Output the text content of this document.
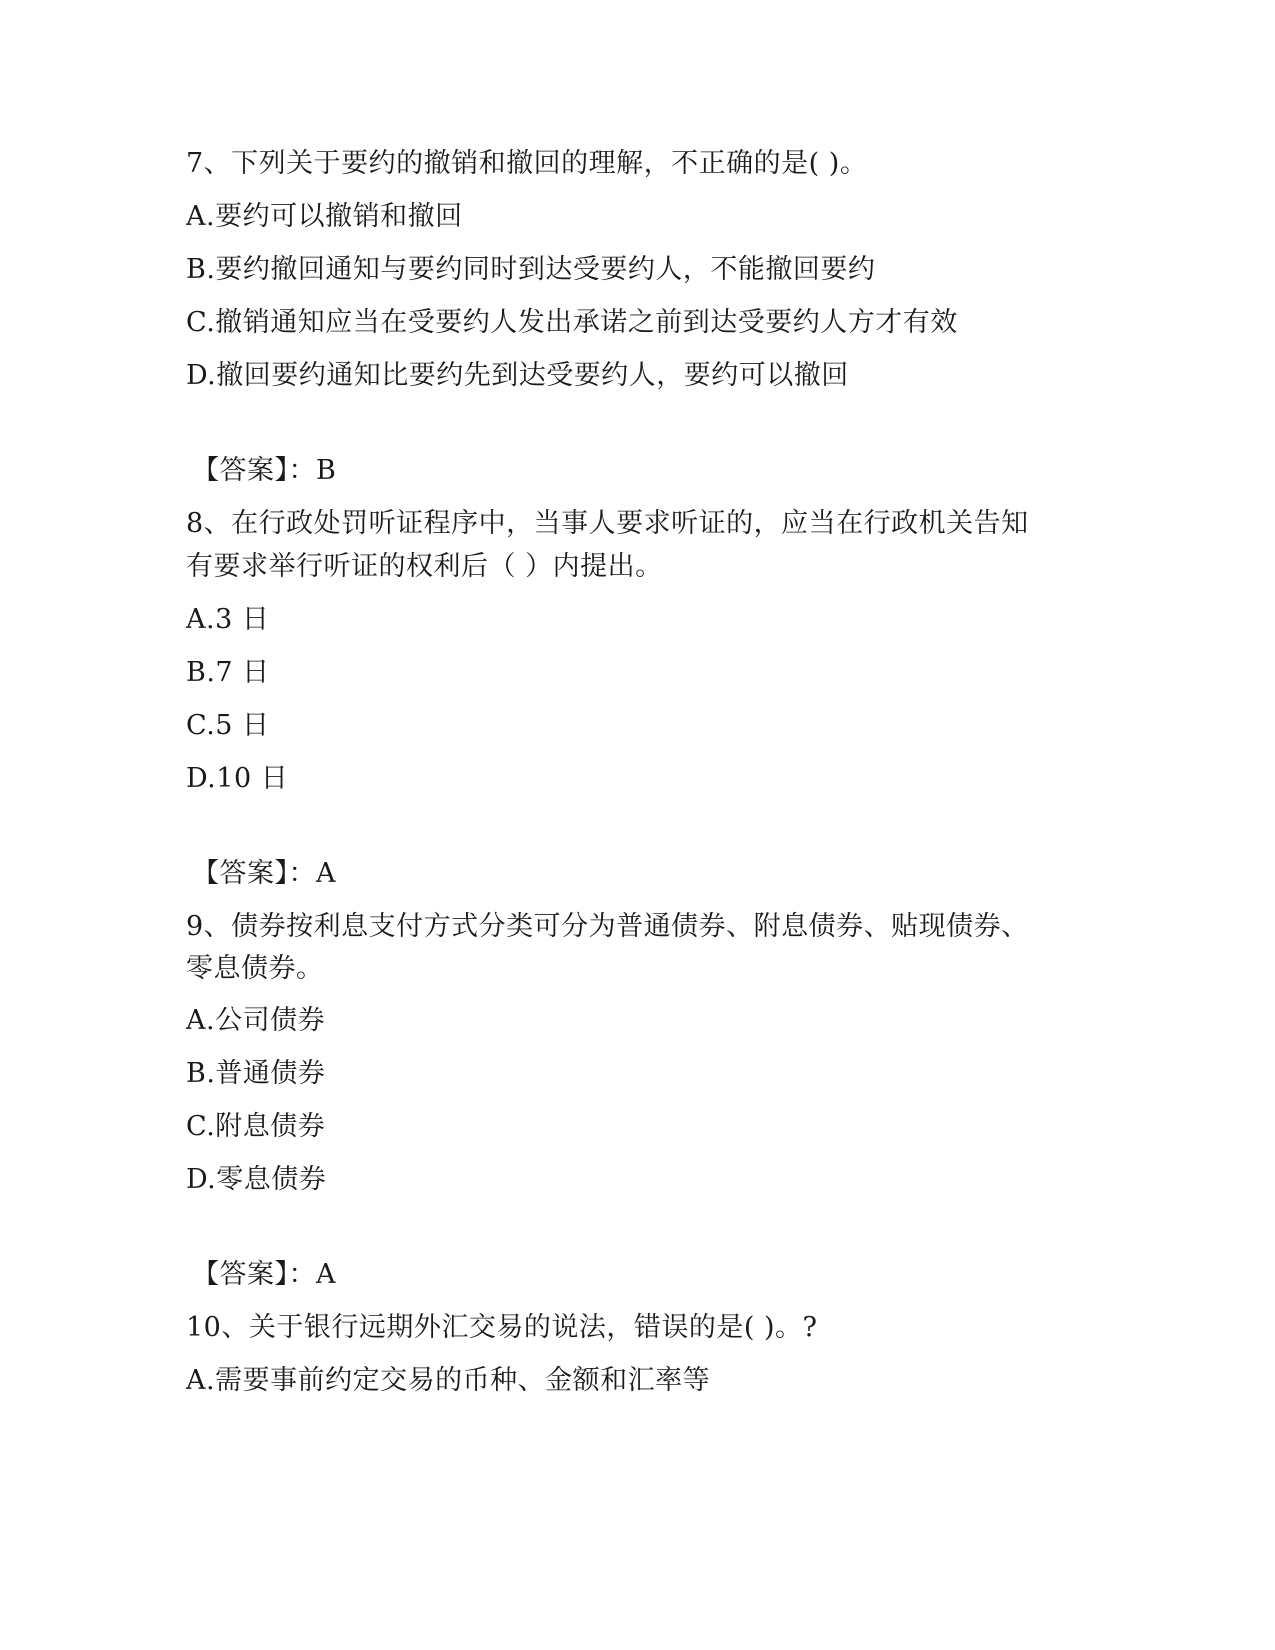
7、下列关于要约的撤销和撤回的理解，不正确的是( )。
A.要约可以撤销和撤回
B.要约撤回通知与要约同时到达受要约人，不能撤回要约
C.撤销通知应当在受要约人发出承诺之前到达受要约人方才有效
D.撤回要约通知比要约先到达受要约人，要约可以撤回
【答案】：B
8、在行政处罚听证程序中，当事人要求听证的，应当在行政机关告知
有要求举行听证的权利后（ ）内提出。
A.3 日
B.7 日
C.5 日
D.10 日
【答案】：A
9、债券按利息支付方式分类可分为普通债券、附息债券、贴现债券、
零息债券。
A.公司债券
B.普通债券
C.附息债券
D.零息债券
【答案】：A
10、关于银行远期外汇交易的说法，错误的是( )。?
A.需要事前约定交易的币种、金额和汇率等
